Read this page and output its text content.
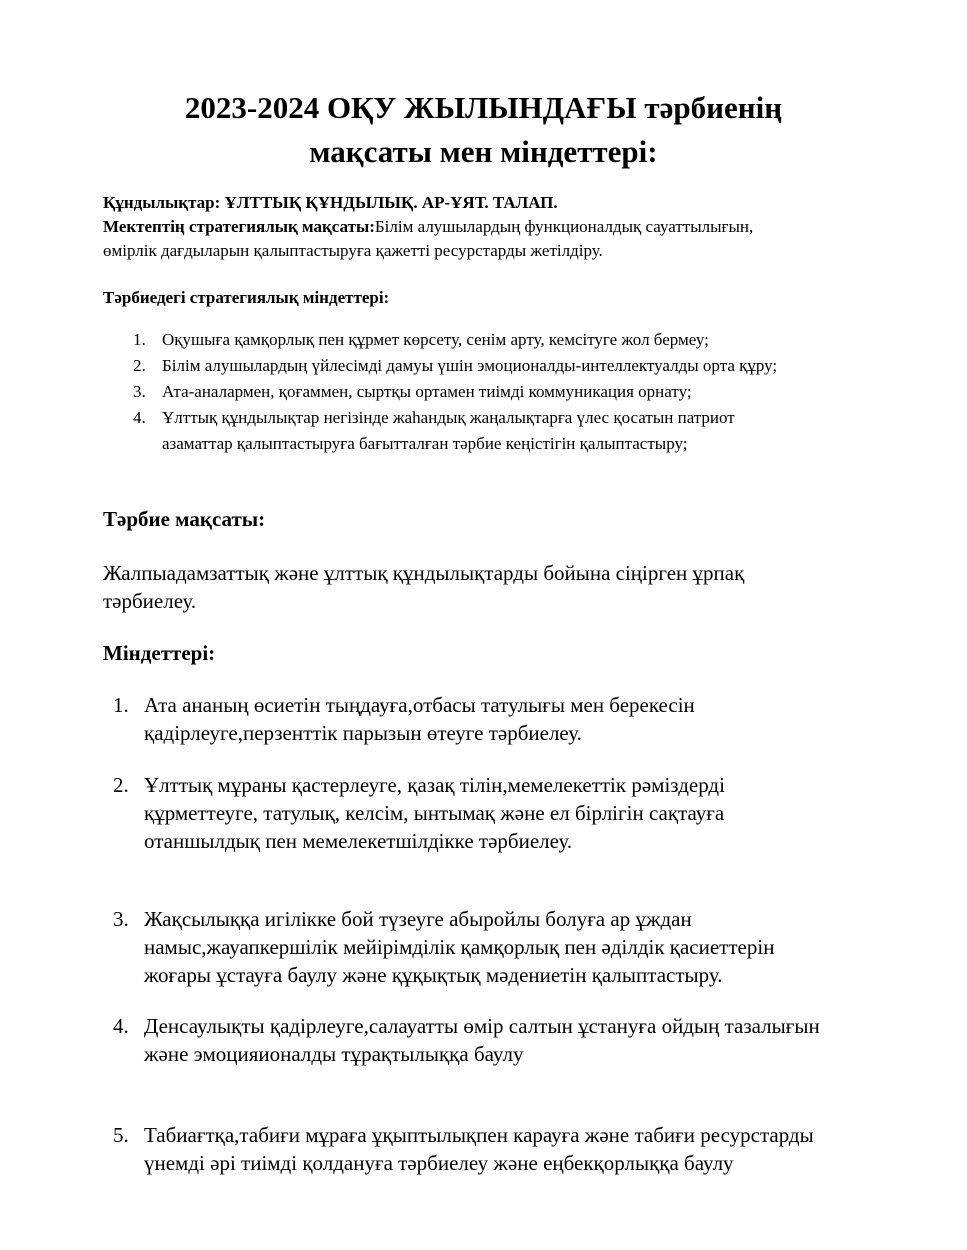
2023-2024 ОҚУ ЖЫЛЫНДАҒЫ тәрбиенің
мақсаты мен міндеттері:
Құндылықтар: ҰЛТТЫҚ ҚҰНДЫЛЫҚ. АР-ҰЯТ. ТАЛАП.
Мектептің стратегиялық мақсаты:Білім алушылардың функционалдық сауаттылығын,
өмірлік дағдыларын қалыптастыруға қажетті ресурстарды жетілдіру.
Тәрбиедегі стратегиялық міндеттері:
1. Оқушыға қамқорлық пен құрмет көрсету, сенім арту, кемсітуге жол бермеу;
2. Білім алушылардың үйлесімді дамуы үшін эмоционалды-интеллектуалды орта құру;
3. Ата-аналармен, қоғаммен, сыртқы ортамен тиімді коммуникация орнату;
4. Ұлттық құндылықтар негізінде жаһандық жаңалықтарға үлес қосатын патриот
азаматтар қалыптастыруға бағытталған тәрбие кеңістігін қалыптастыру;
Тәрбие мақсаты:
Жалпыадамзаттық және ұлттық құндылықтарды бойына сіңірген ұрпақ
тәрбиелеу.
Міндеттері:
1. Ата ананың өсиетін тыңдауға,отбасы татулығы мен берекесін
қадірлеуге,перзенттік парызын өтеуге тәрбиелеу.
2. Ұлттық мұраны қастерлеуге, қазақ тілін,мемелекеттік рәміздерді
құрметтеуге, татулық, келсім, ынтымақ және ел бірлігін сақтауға
отаншылдық пен мемелекетшілдікке тәрбиелеу.
3. Жақсылыққа игілікке бой түзеуге абыройлы болуға ар ұждан
намыс,жауапкершілік мейірімділік қамқорлық пен әділдік қасиеттерін
жоғары ұстауға баулу және құқықтық мәдениетін қалыптастыру.
4. Денсаулықты қадірлеуге,салауатты өмір салтын ұстануға ойдың тазалығын
және эмоцияионалды тұрақтылыққа баулу
5. Табиағтқа,табиғи мұраға ұқыптылықпен карауға және табиғи ресурстарды
үнемді әрі тиімді қолдануға тәрбиелеу және еңбекқорлыққа баулу
